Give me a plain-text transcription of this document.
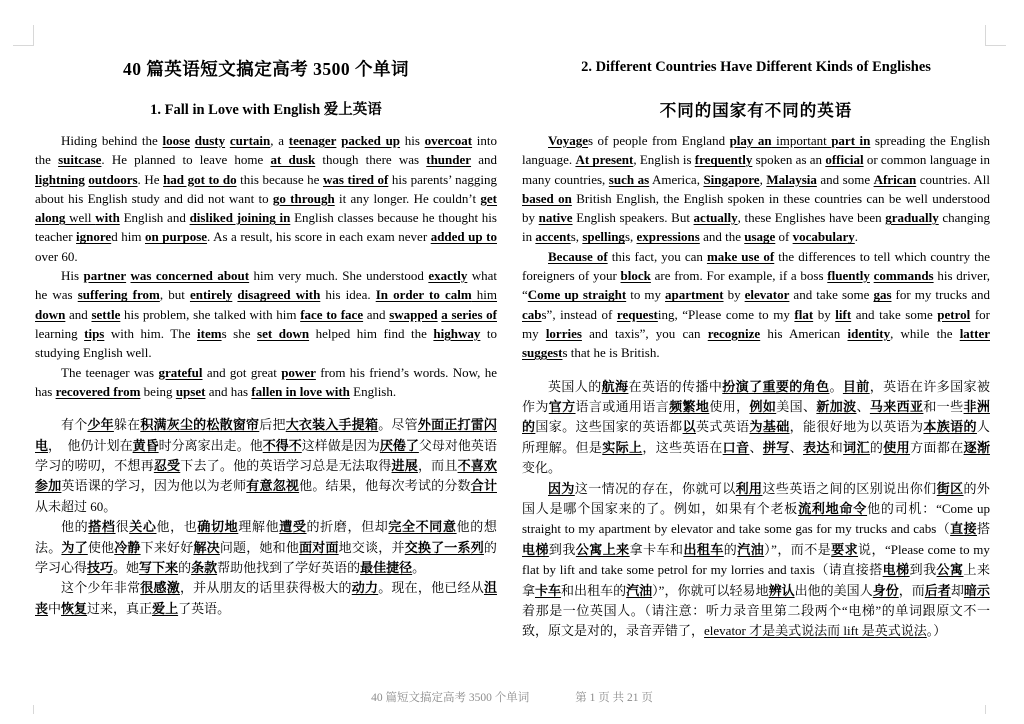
40 篇英语短文搞定高考 3500 个单词
1. Fall in Love with English 爱上英语

Hiding behind the loose dusty curtain, a teenager packed up his overcoat into the suitcase. He planned to leave home at dusk though there was thunder and lightning outdoors. He had got to do this because he was tired of his parents’ nagging about his English study and did not want to go through it any longer. He couldn’t get along well with English and disliked joining in English classes because he thought his teacher ignored him on purpose. As a result, his score in each exam never added up to over 60.

His partner was concerned about him very much. She understood exactly what he was suffering from, but entirely disagreed with his idea. In order to calm him down and settle his problem, she talked with him face to face and swapped a series of learning tips with him. The items she set down helped him find the highway to studying English well.

The teenager was grateful and got great power from his friend’s words. Now, he has recovered from being upset and has fallen in love with English.

有个少年躲在积满灰尘的松散窗帘后把大衣装入手提箱。尽管外面正打雷闪电，　他仍计划在黄昏时分离家出走。他不得不这样做是因为厌倦了父母对他英语学习的唠叨，不想再忍受下去了。他的英语学习总是无法取得进展，而且不喜欢参加英语课的学习，因为他以为老师有意忽视他。结果，他每次考试的分数合计从未超过 60。

他的搭档很关心他，也确切地理解他遭受的折磨，但却完全不同意他的想法。为了使他冷静下来好好解决问题，她和他面对面地交谈，并交换了一系列的学习心得技巧。她写下来的条款帮助他找到了学好英语的最佳捷径。

这个少年非常很感激，并从朋友的话里获得极大的动力。现在，他已经从沮丧中恢复过来，真正爱上了英语。

2. Different Countries Have Different Kinds of Englishes
不同的国家有不同的英语

Voyages of people from England play an important part in spreading the English language. At present, English is frequently spoken as an official or common language in many countries, such as America, Singapore, Malaysia and some African countries. All based on British English, the English spoken in these countries can be well understood by native English speakers. But actually, these Englishes have been gradually changing in accents, spellings, expressions and the usage of vocabulary.

Because of this fact, you can make use of the differences to tell which country the foreigners of your block are from. For example, if a boss fluently commands his driver, “Come up straight to my apartment by elevator and take some gas for my trucks and cabs”, instead of requesting, “Please come to my flat by lift and take some petrol for my lorries and taxis”, you can recognize his American identity, while the latter suggests that he is British.

英国人的航海在英语的传播中扮演了重要的角色。目前，英语在许多国家被作为官方语言或通用语言频繁地使用，例如美国、新加波、马来西亚和一些非洲的国家。这些国家的英语都以英式英语为基础，能很好地为以英语为本族语的人所理解。但是实际上，这些英语在口音、拼写、表达和词汇的使用方面都在逐渐变化。

因为这一情况的存在，你就可以利用这些英语之间的区别说出你们街区的外国人是哪个国家来的了。例如，如果有个老板流利地命令他的司机：“Come up straight to my apartment by elevator and take some gas for my trucks and cabs（直接搭电梯到我公寓上来拿卡车和出租车的汽油）”，而不是要求说，“Please come to my flat by lift and take some petrol for my lorries and taxis（请直接搭电梯到我公寓上来拿卡车和出租车的汽油）”，你就可以轻易地辨认出他的美国人身份，而后者却暗示着那是一位英国人。（请注意：听力录音里第二段两个“电梯”的单词跟原文不一致，原文是对的，录音弄错了，elevator 才是美式说法而 lift 是英式说法。）

40 篇短文搞定高考 3500 个单词	第 1 页 共 21 页
